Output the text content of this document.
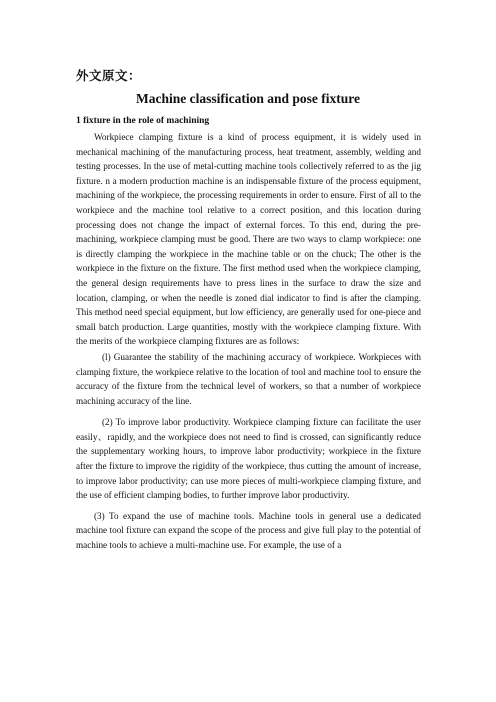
外文原文：
Machine classification and pose fixture
1 fixture in the role of machining

Workpiece clamping fixture is a kind of process equipment, it is widely used in mechanical machining of the manufacturing process, heat treatment, assembly, welding and testing processes. In the use of metal-cutting machine tools collectively referred to as the jig fixture. n a modern production machine is an indispensable fixture of the process equipment, machining of the workpiece, the processing requirements in order to ensure. First of all to the workpiece and the machine tool relative to a correct position, and this location during processing does not change the impact of external forces. To this end, during the pre-machining, workpiece clamping must be good. There are two ways to clamp workpiece: one is directly clamping the workpiece in the machine table or on the chuck; The other is the workpiece in the fixture on the fixture. The first method used when the workpiece clamping, the general design requirements have to press lines in the surface to draw the size and location, clamping, or when the needle is zoned dial indicator to find is after the clamping. This method need special equipment, but low efficiency, are generally used for one-piece and small batch production. Large quantities, mostly with the workpiece clamping fixture. With the merits of the workpiece clamping fixtures are as follows:

(l) Guarantee the stability of the machining accuracy of workpiece. Workpieces with clamping fixture, the workpiece relative to the location of tool and machine tool to ensure the accuracy of the fixture from the technical level of workers, so that a number of workpiece machining accuracy of the line.

(2) To improve labor productivity. Workpiece clamping fixture can facilitate the user easily、rapidly, and the workpiece does not need to find is crossed, can significantly reduce the supplementary working hours, to improve labor productivity; workpiece in the fixture after the fixture to improve the rigidity of the workpiece, thus cutting the amount of increase, to improve labor productivity; can use more pieces of multi-workpiece clamping fixture, and the use of efficient clamping bodies, to further improve labor productivity.

(3) To expand the use of machine tools. Machine tools in general use a dedicated machine tool fixture can expand the scope of the process and give full play to the potential of machine tools to achieve a multi-machine use. For example, the use of a
